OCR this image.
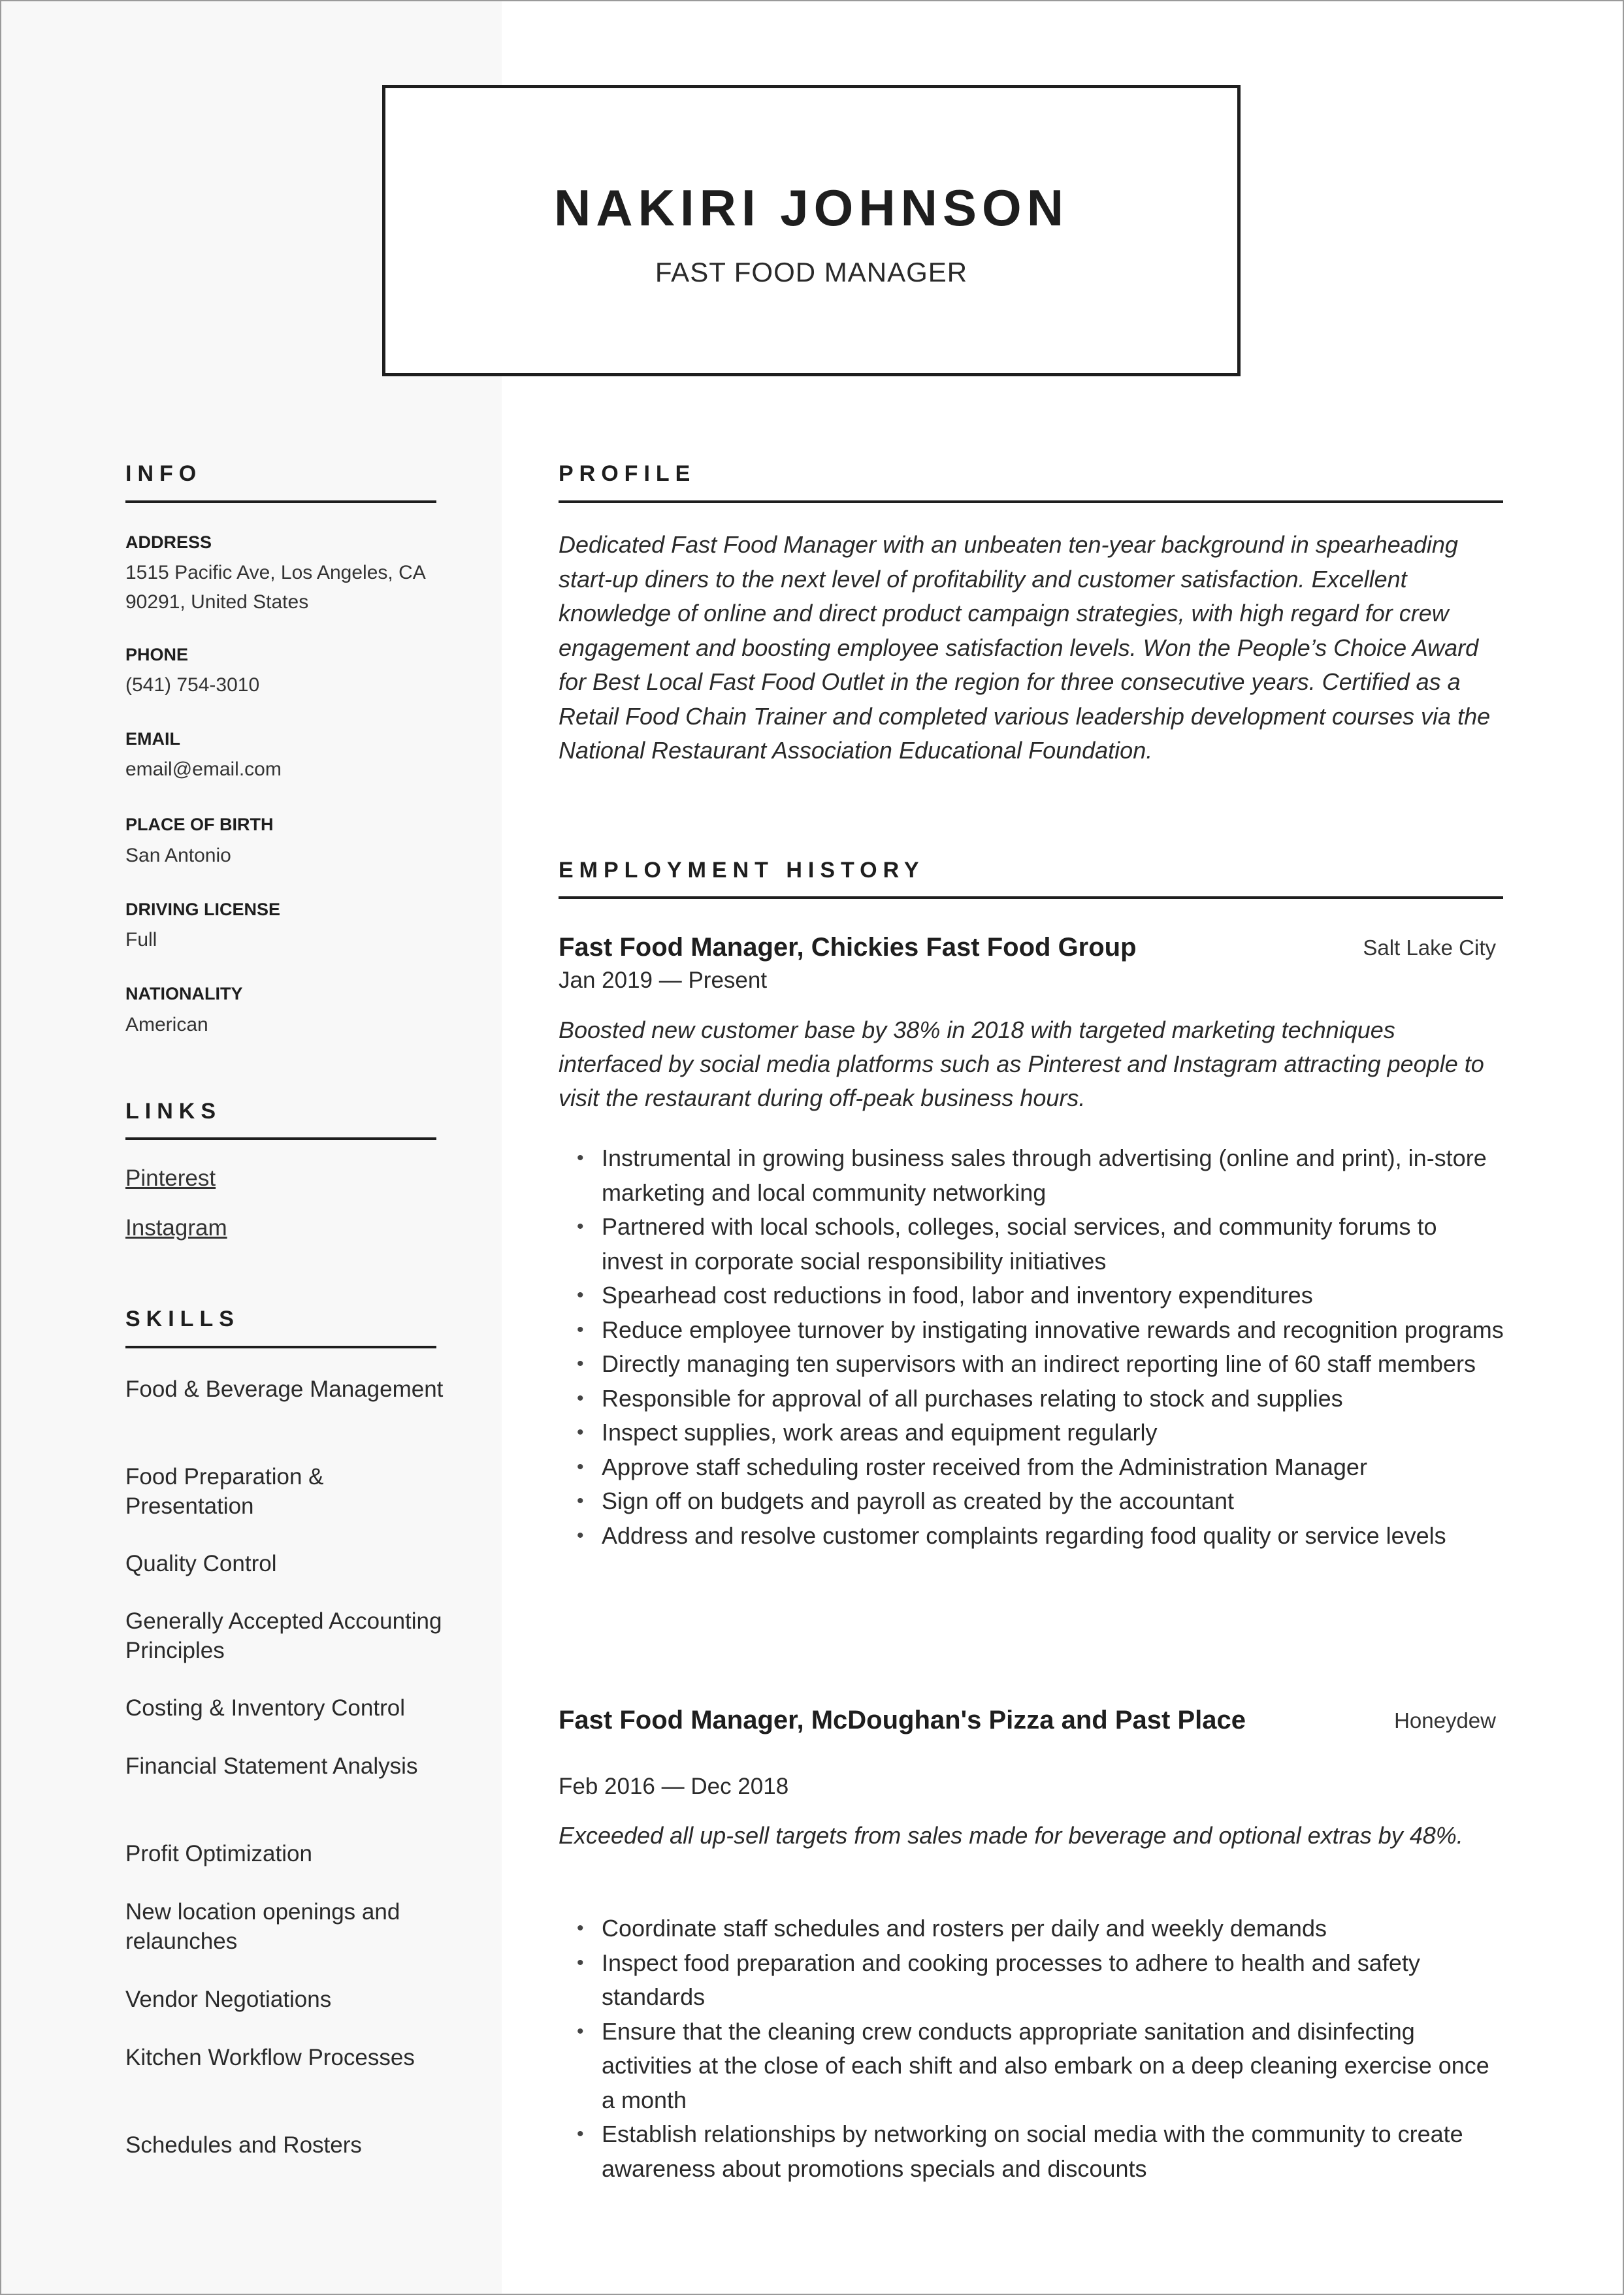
NAKIRI JOHNSON
FAST FOOD MANAGER
INFO
ADDRESS
1515 Pacific Ave, Los Angeles, CA 90291, United States
PHONE
(541) 754-3010
EMAIL
email@email.com
PLACE OF BIRTH
San Antonio
DRIVING LICENSE
Full
NATIONALITY
American
LINKS
Pinterest
Instagram
SKILLS
Food & Beverage Management
Food Preparation & Presentation
Quality Control
Generally Accepted Accounting Principles
Costing & Inventory Control
Financial Statement Analysis
Profit Optimization
New location openings and relaunches
Vendor Negotiations
Kitchen Workflow Processes
Schedules and Rosters
PROFILE
Dedicated Fast Food Manager with an unbeaten ten-year background in spearheading start-up diners to the next level of profitability and customer satisfaction. Excellent knowledge of online and direct product campaign strategies, with high regard for crew engagement and boosting employee satisfaction levels. Won the People’s Choice Award for Best Local Fast Food Outlet in the region for three consecutive years. Certified as a Retail Food Chain Trainer and completed various leadership development courses via the National Restaurant Association Educational Foundation.
EMPLOYMENT HISTORY
Fast Food Manager, Chickies Fast Food Group	Salt Lake City
Jan 2019 — Present
Boosted new customer base by 38% in 2018 with targeted marketing techniques interfaced by social media platforms such as Pinterest and Instagram attracting people to visit the restaurant during off-peak business hours.
• Instrumental in growing business sales through advertising (online and print), in-store marketing and local community networking
• Partnered with local schools, colleges, social services, and community forums to invest in corporate social responsibility initiatives
• Spearhead cost reductions in food, labor and inventory expenditures
• Reduce employee turnover by instigating innovative rewards and recognition programs
• Directly managing ten supervisors with an indirect reporting line of 60 staff members
• Responsible for approval of all purchases relating to stock and supplies
• Inspect supplies, work areas and equipment regularly
• Approve staff scheduling roster received from the Administration Manager
• Sign off on budgets and payroll as created by the accountant
• Address and resolve customer complaints regarding food quality or service levels
Fast Food Manager, McDoughan's Pizza and Past Place	Honeydew
Feb 2016 — Dec 2018
Exceeded all up-sell targets from sales made for beverage and optional extras by 48%.
• Coordinate staff schedules and rosters per daily and weekly demands
• Inspect food preparation and cooking processes to adhere to health and safety standards
• Ensure that the cleaning crew conducts appropriate sanitation and disinfecting activities at the close of each shift and also embark on a deep cleaning exercise once a month
• Establish relationships by networking on social media with the community to create awareness about promotions specials and discounts
